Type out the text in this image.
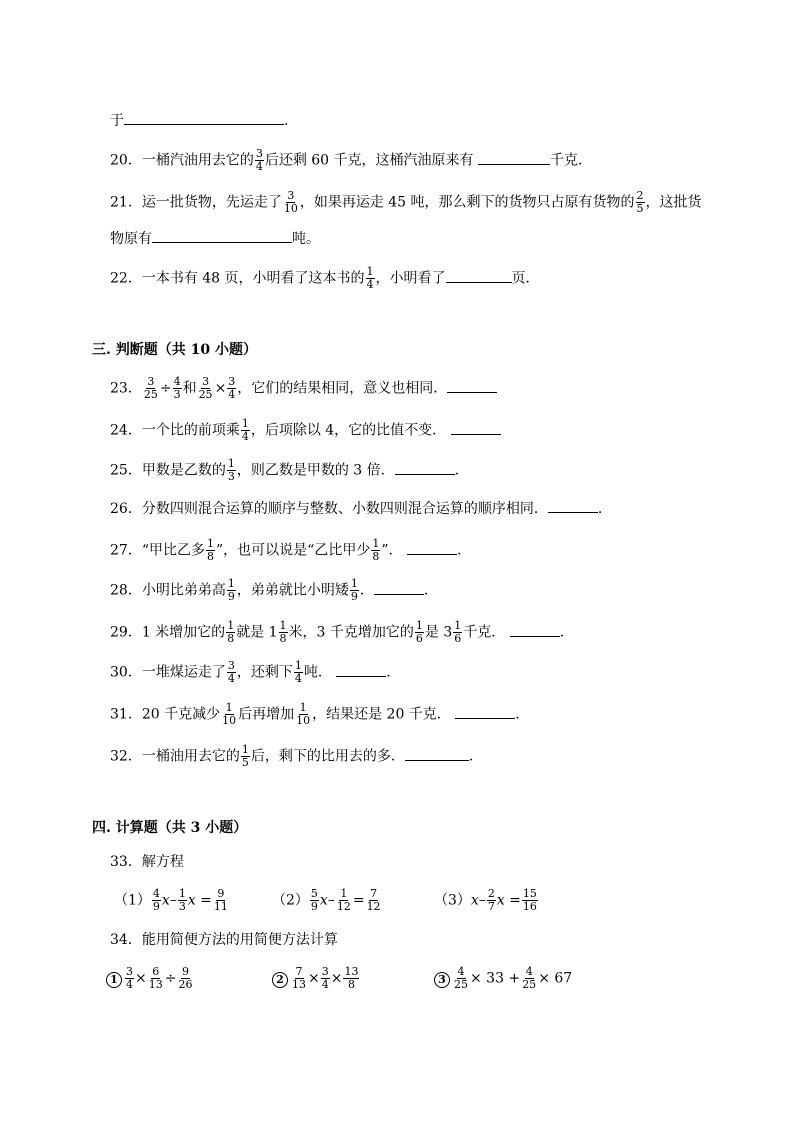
于	.
20．一桶汽油用去它的 $\frac{3}{4}$ 后还剩 60 千克，这桶汽油原来有	千克．
21．运一批货物，先运走了 $\frac{3}{10}$ ，如果再运走 45 吨，那么剩下的货物只占原有货物的 $\frac{2}{5}$ ，这批货
物原有	吨。
22．一本书有 48 页，小明看了这本书的 $\frac{1}{4}$ ，小明看了	页．
三. 判断题（共 10 小题）
23． $\frac{3}{25} \div \frac{4}{3}$ 和 $\frac{3}{25} \times \frac{3}{4}$ ，它们的结果相同，意义也相同．
24．一个比的前项乘 $\frac{1}{4}$ ，后项除以 4，它的比值不变．
25．甲数是乙数的 $\frac{1}{3}$ ，则乙数是甲数的 3 倍．	.
26．分数四则混合运算的顺序与整数、小数四则混合运算的顺序相同．	.
27．“甲比乙多 $\frac{1}{8}$ ”，也可以说是“乙比甲少 $\frac{1}{8}$ ”．	.
28．小明比弟弟高 $\frac{1}{9}$ ，弟弟就比小明矮 $\frac{1}{9}$ ．	.
29．1 米增加它的 $\frac{1}{8}$ 就是 $1 \frac{1}{8}$ 米，3 千克增加它的 $\frac{1}{6}$ 是 $3 \frac{1}{6}$ 千克．	.
30．一堆煤运走了 $\frac{3}{4}$ ，还剩下 $\frac{1}{4}$ 吨．	.
31．20 千克减少 $\frac{1}{10}$ 后再增加 $\frac{1}{10}$ ，结果还是 20 千克．	.
32．一桶油用去它的 $\frac{1}{5}$ 后，剩下的比用去的多．	.
四. 计算题（共 3 小题）
33．解方程
$(1) \frac{4}{9} x- \frac{1}{3}$ $x = \frac{9}{11}$	$(2) \frac{5}{9} x- \frac{1}{12} = \frac{7}{12}$	$(3)x- \frac{2}{7}$ $x = \frac{15}{16}$
34．能用简便方法的用简便方法计算
$1 \frac{3}{4} \times \frac{6}{13} \div \frac{9}{26}$	$2 \frac{7}{13} \times \frac{3}{4} \times \frac{13}{8}$	$3 \frac{4}{25} \times 33 + \frac{4}{25} \times 67$
